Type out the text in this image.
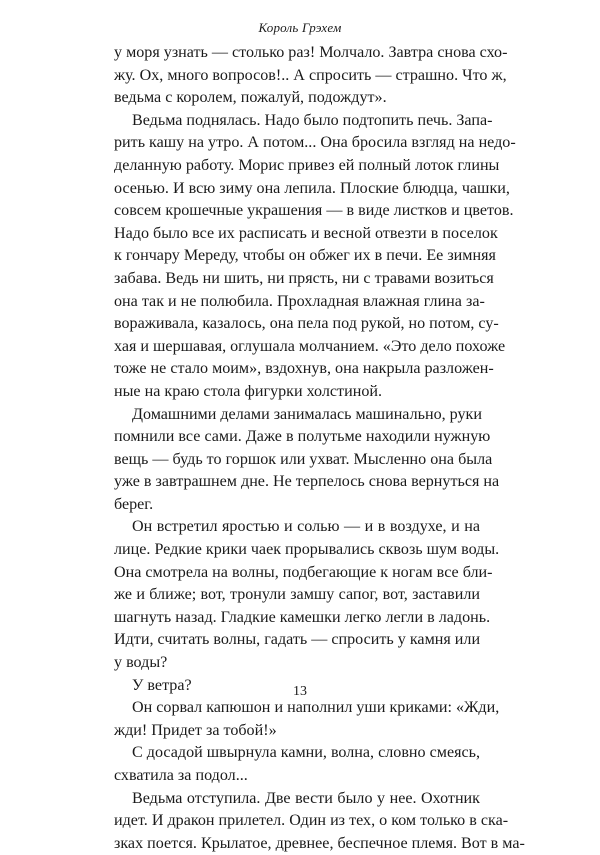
Король Грэхем
у моря узнать — столько раз! Молчало. Завтра снова схо-
жу. Ох, много вопросов!.. А спросить — страшно. Что ж,
ведьма с королем, пожалуй, подождут».
Ведьма поднялась. Надо было подтопить печь. Запа-
рить кашу на утро. А потом... Она бросила взгляд на недо-
деланную работу. Морис привез ей полный лоток глины
осенью. И всю зиму она лепила. Плоские блюдца, чашки,
совсем крошечные украшения — в виде листков и цветов.
Надо было все их расписать и весной отвезти в поселок
к гончару Мереду, чтобы он обжег их в печи. Ее зимняя
забава. Ведь ни шить, ни прясть, ни с травами возиться
она так и не полюбила. Прохладная влажная глина за-
вораживала, казалось, она пела под рукой, но потом, су-
хая и шершавая, оглушала молчанием. «Это дело похоже
тоже не стало моим», вздохнув, она накрыла разложен-
ные на краю стола фигурки холстиной.
Домашними делами занималась машинально, руки
помнили все сами. Даже в полутьме находили нужную
вещь — будь то горшок или ухват. Мысленно она была
уже в завтрашнем дне. Не терпелось снова вернуться на
берег.
Он встретил яростью и солью — и в воздухе, и на
лице. Редкие крики чаек прорывались сквозь шум воды.
Она смотрела на волны, подбегающие к ногам все бли-
же и ближе; вот, тронули замшу сапог, вот, заставили
шагнуть назад. Гладкие камешки легко легли в ладонь.
Идти, считать волны, гадать — спросить у камня или
у воды?
У ветра?
Он сорвал капюшон и наполнил уши криками: «Жди,
жди! Придет за тобой!»
С досадой швырнула камни, волна, словно смеясь,
схватила за подол...
Ведьма отступила. Две вести было у нее. Охотник
идет. И дракон прилетел. Один из тех, о ком только в ска-
зках поется. Крылатое, древнее, беспечное племя. Вот в ма-
13
